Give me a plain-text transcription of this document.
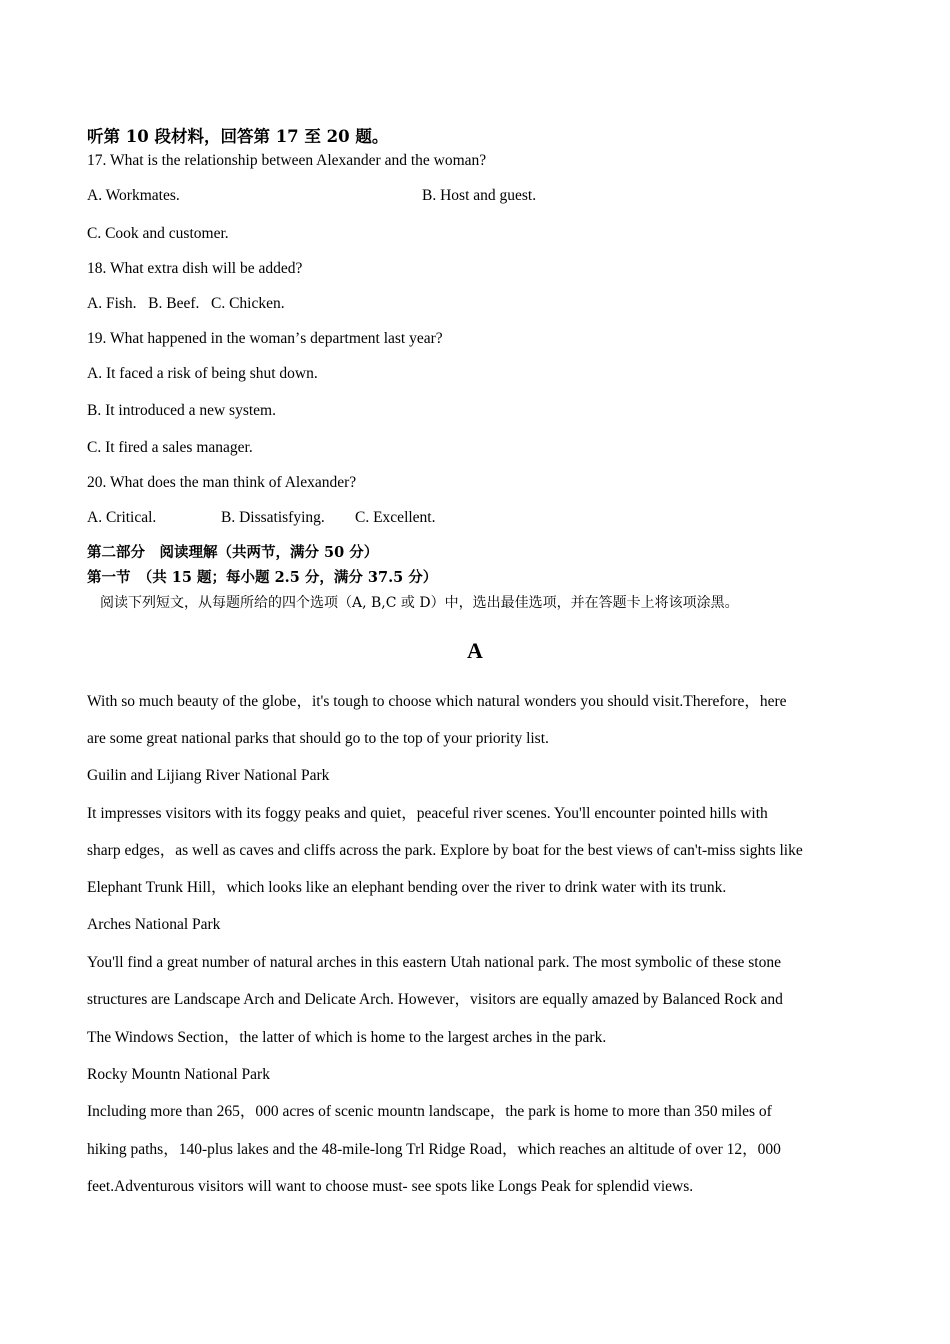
听第 10 段材料，回答第 17 至 20 题。

17. What is the relationship between Alexander and the woman?

A. Workmates.	B. Host and guest.

C. Cook and customer.

18. What extra dish will be added?

A. Fish.   B. Beef.   C. Chicken.

19. What happened in the womanʼs department last year?

A. It faced a risk of being shut down.

B. It introduced a new system.

C. It fired a sales manager.

20. What does the man think of Alexander?

A. Critical.	B. Dissatisfying. C. Excellent.

第二部分　阅读理解（共两节，满分 50 分）

第一节　（共 15 题；每小题 2.5 分，满分 37.5 分）

阅读下列短文，从每题所给的四个选项（A, B,C 或 D）中，选出最佳选项，并在答题卡上将该项涂黑。

A

With so much beauty of the globe，it's tough to choose which natural wonders you should visit.Therefore，here

are some great national parks that should go to the top of your priority list.

Guilin and Lijiang River National Park

It impresses visitors with its foggy peaks and quiet，peaceful river scenes. You'll encounter pointed hills with

sharp edges，as well as caves and cliffs across the park. Explore by boat for the best views of can't-miss sights like

Elephant Trunk Hill，which looks like an elephant bending over the river to drink water with its trunk.

Arches National Park

You'll find a great number of natural arches in this eastern Utah national park. The most symbolic of these stone

structures are Landscape Arch and Delicate Arch. However，visitors are equally amazed by Balanced Rock and

The Windows Section，the latter of which is home to the largest arches in the park.

Rocky Mountn National Park

Including more than 265，000 acres of scenic mountn landscape，the park is home to more than 350 miles of

hiking paths，140-plus lakes and the 48-mile-long Trl Ridge Road，which reaches an altitude of over 12，000

feet.Adventurous visitors will want to choose must- see spots like Longs Peak for splendid views.
